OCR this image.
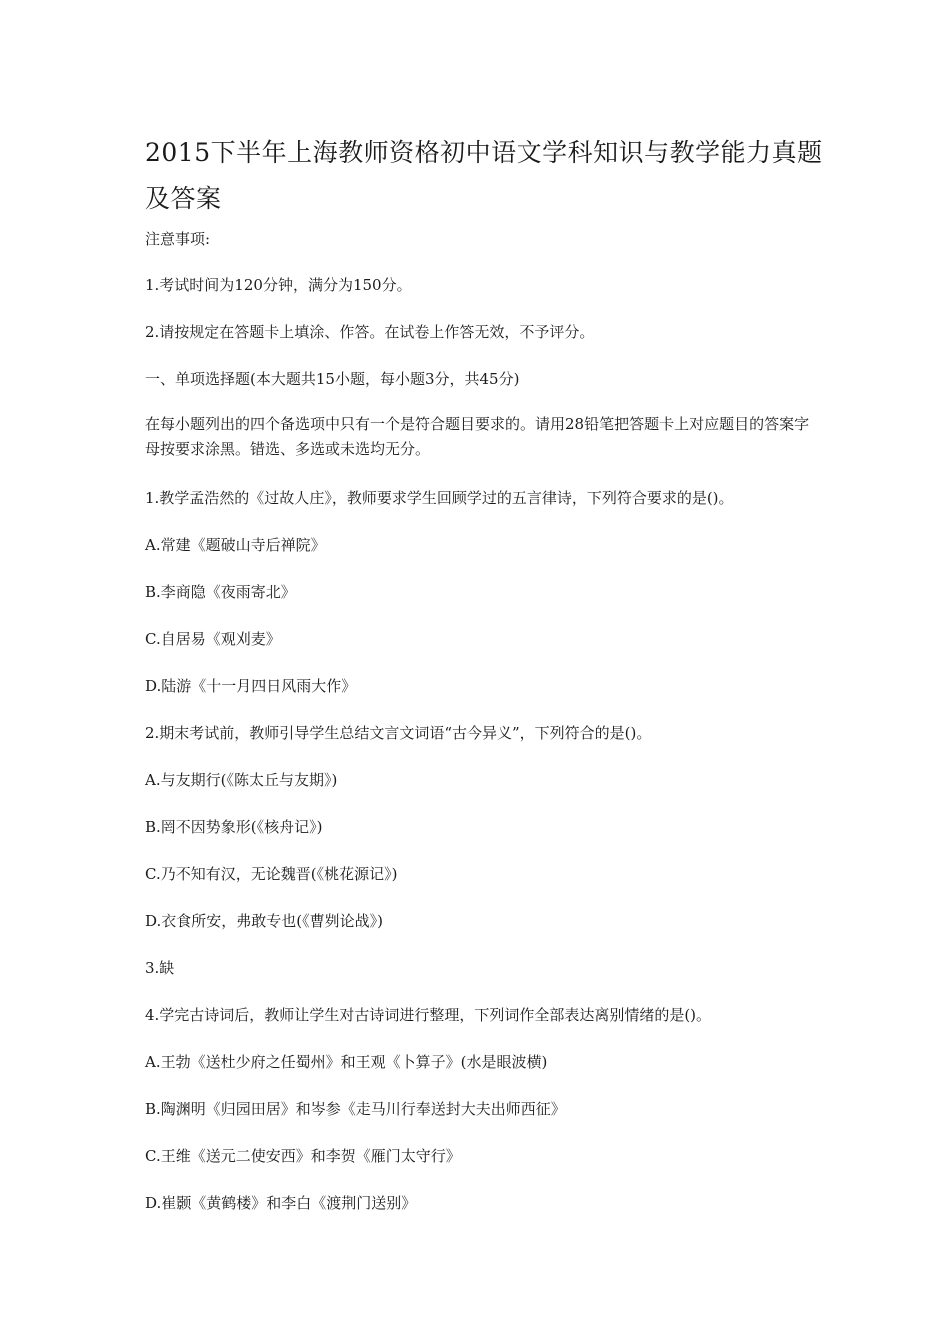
2015下半年上海教师资格初中语文学科知识与教学能力真题及答案

注意事项:

1.考试时间为120分钟，满分为150分。

2.请按规定在答题卡上填涂、作答。在试卷上作答无效，不予评分。

一、单项选择题(本大题共15小题，每小题3分，共45分)

在每小题列出的四个备选项中只有一个是符合题目要求的。请用28铅笔把答题卡上对应题目的答案字母按要求涂黑。错选、多选或未选均无分。

1.教学孟浩然的《过故人庄》，教师要求学生回顾学过的五言律诗，下列符合要求的是()。

A.常建《题破山寺后禅院》

B.李商隐《夜雨寄北》

C.自居易《观刈麦》

D.陆游《十一月四日风雨大作》

2.期末考试前，教师引导学生总结文言文词语“古今异义”，下列符合的是()。

A.与友期行(《陈太丘与友期》)

B.罔不因势象形(《核舟记》)

C.乃不知有汉，无论魏晋(《桃花源记》)

D.衣食所安，弗敢专也(《曹刿论战》)

3.缺

4.学完古诗词后，教师让学生对古诗词进行整理，下列词作全部表达离别情绪的是()。

A.王勃《送杜少府之任蜀州》和王观《卜算子》(水是眼波横)

B.陶渊明《归园田居》和岑参《走马川行奉送封大夫出师西征》

C.王维《送元二使安西》和李贺《雁门太守行》

D.崔颢《黄鹤楼》和李白《渡荆门送别》
